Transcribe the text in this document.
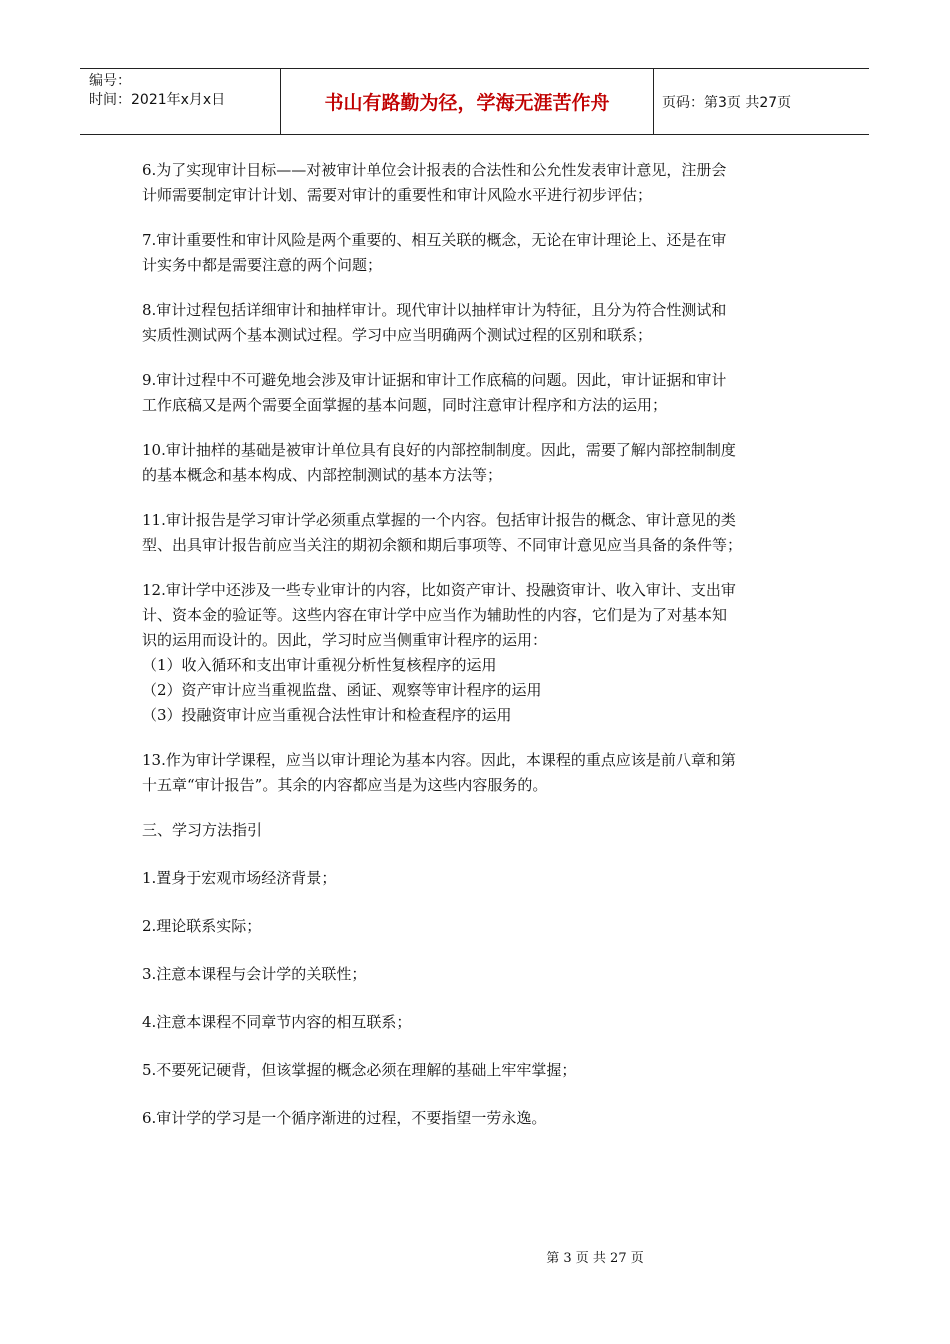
编号：
时间：2021年x月x日	书山有路勤为径，学海无涯苦作舟	页码：第3页 共27页
6.为了实现审计目标——对被审计单位会计报表的合法性和公允性发表审计意见，注册会
计师需要制定审计计划、需要对审计的重要性和审计风险水平进行初步评估；
7.审计重要性和审计风险是两个重要的、相互关联的概念，无论在审计理论上、还是在审
计实务中都是需要注意的两个问题；
8.审计过程包括详细审计和抽样审计。现代审计以抽样审计为特征，且分为符合性测试和
实质性测试两个基本测试过程。学习中应当明确两个测试过程的区别和联系；
9.审计过程中不可避免地会涉及审计证据和审计工作底稿的问题。因此，审计证据和审计
工作底稿又是两个需要全面掌握的基本问题，同时注意审计程序和方法的运用；
10.审计抽样的基础是被审计单位具有良好的内部控制制度。因此，需要了解内部控制制度
的基本概念和基本构成、内部控制测试的基本方法等；
11.审计报告是学习审计学必须重点掌握的一个内容。包括审计报告的概念、审计意见的类
型、出具审计报告前应当关注的期初余额和期后事项等、不同审计意见应当具备的条件等；
12.审计学中还涉及一些专业审计的内容，比如资产审计、投融资审计、收入审计、支出审
计、资本金的验证等。这些内容在审计学中应当作为辅助性的内容，它们是为了对基本知
识的运用而设计的。因此，学习时应当侧重审计程序的运用：
（1）收入循环和支出审计重视分析性复核程序的运用
（2）资产审计应当重视监盘、函证、观察等审计程序的运用
（3）投融资审计应当重视合法性审计和检查程序的运用
13.作为审计学课程，应当以审计理论为基本内容。因此，本课程的重点应该是前八章和第
十五章“审计报告”。其余的内容都应当是为这些内容服务的。
三、学习方法指引
1.置身于宏观市场经济背景；
2.理论联系实际；
3.注意本课程与会计学的关联性；
4.注意本课程不同章节内容的相互联系；
5.不要死记硬背，但该掌握的概念必须在理解的基础上牢牢掌握；
6.审计学的学习是一个循序渐进的过程，不要指望一劳永逸。
第 3 页 共 27 页
